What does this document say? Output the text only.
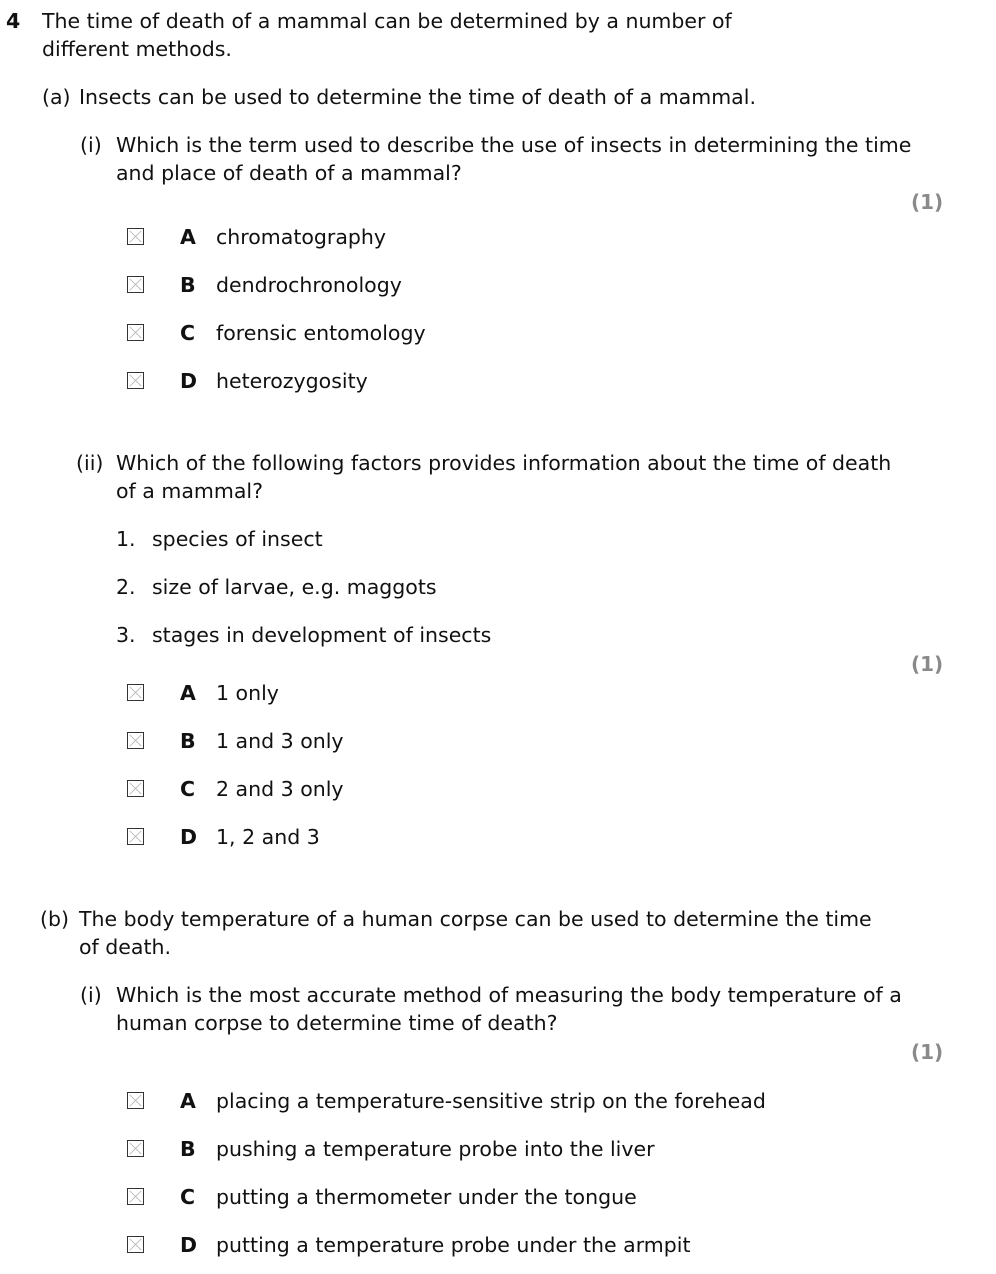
4 The time of death of a mammal can be determined by a number of
different methods.
(a) Insects can be used to determine the time of death of a mammal.
(i) Which is the term used to describe the use of insects in determining the time
and place of death of a mammal?
(1)
A chromatography
B dendrochronology
C forensic entomology
D heterozygosity
(ii) Which of the following factors provides information about the time of death
of a mammal?
1. species of insect
2. size of larvae, e.g. maggots
3. stages in development of insects
(1)
A 1 only
B 1 and 3 only
C 2 and 3 only
D 1, 2 and 3
(b) The body temperature of a human corpse can be used to determine the time
of death.
(i) Which is the most accurate method of measuring the body temperature of a
human corpse to determine time of death?
(1)
A placing a temperature-sensitive strip on the forehead
B pushing a temperature probe into the liver
C putting a thermometer under the tongue
D putting a temperature probe under the armpit
